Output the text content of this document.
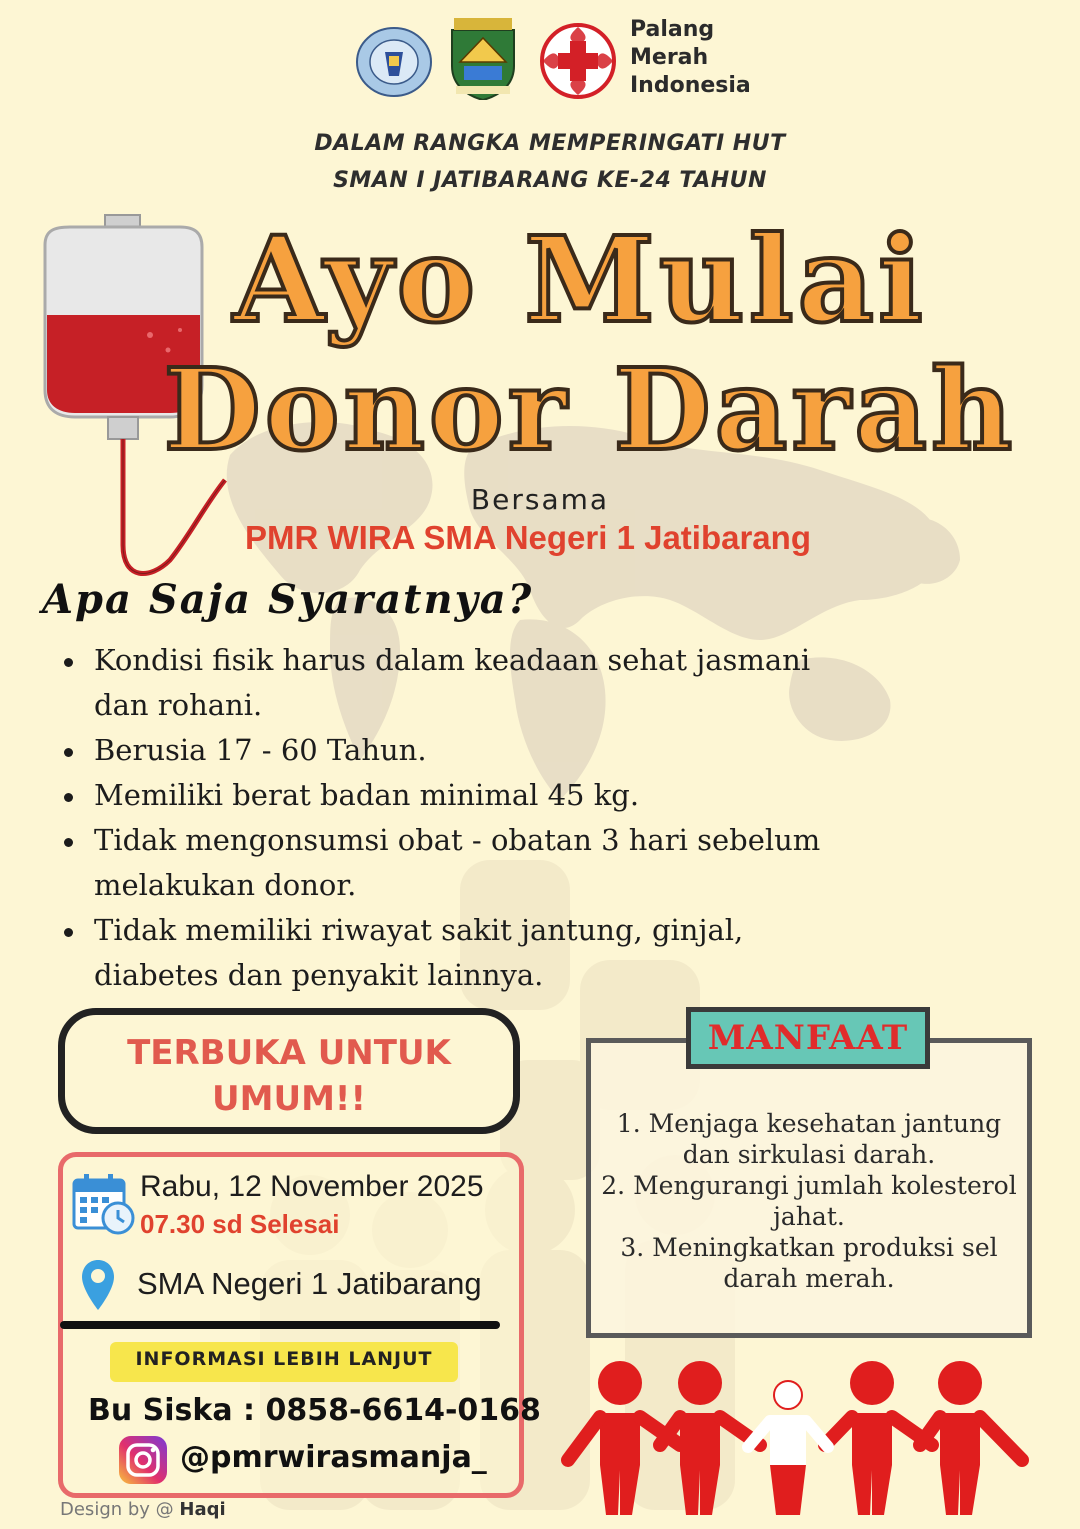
Palang
Merah
Indonesia
DALAM RANGKA MEMPERINGATI HUT
SMAN I JATIBARANG KE-24 TAHUN
Ayo Mulai
Donor Darah
Bersama
PMR WIRA SMA Negeri 1 Jatibarang
Apa Saja Syaratnya?
Kondisi fisik harus dalam keadaan sehat jasmani dan rohani.
Berusia 17 - 60 Tahun.
Memiliki berat badan minimal 45 kg.
Tidak mengonsumsi obat - obatan 3 hari sebelum melakukan donor.
Tidak memiliki riwayat sakit jantung, ginjal, diabetes dan penyakit lainnya.
TERBUKA UNTUK
UMUM!!
Rabu, 12 November 2025
07.30 sd Selesai
SMA Negeri 1 Jatibarang
INFORMASI LEBIH LANJUT
Bu Siska : 0858-6614-0168
@pmrwirasmanja_
MANFAAT
1. Menjaga kesehatan jantung dan sirkulasi darah.
2. Mengurangi jumlah kolesterol jahat.
3. Meningkatkan produksi sel darah merah.
Design by @ Haqi
